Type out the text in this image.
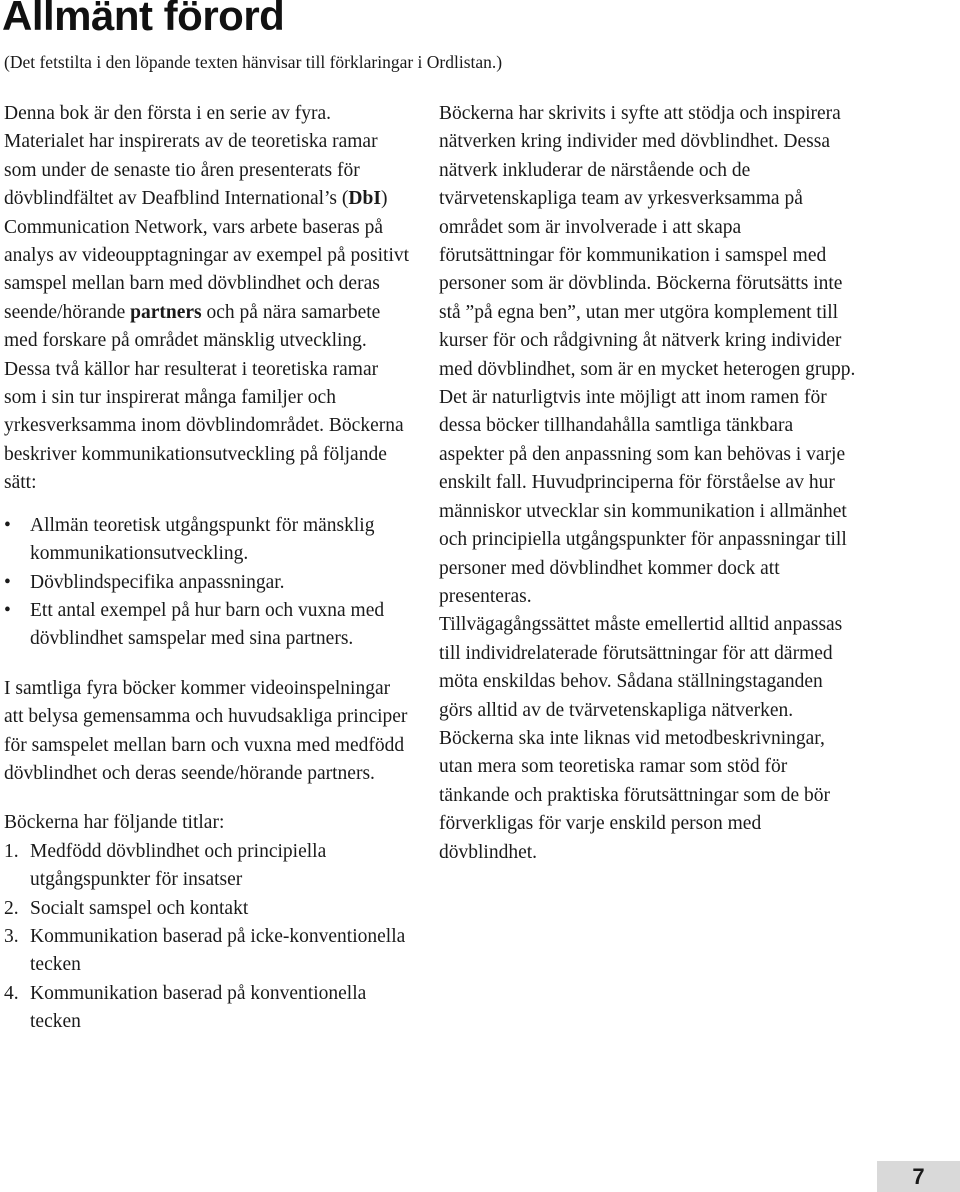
Allmänt förord

(Det fetstilta i den löpande texten hänvisar till förklaringar i Ordlistan.)

Denna bok är den första i en serie av fyra. Materialet har inspirerats av de teoretiska ramar som under de senaste tio åren presenterats för dövblindfältet av Deafblind International’s (DbI) Communication Network, vars arbete baseras på analys av videoupptagningar av exempel på positivt samspel mellan barn med dövblindhet och deras seende/hörande partners och på nära samarbete med forskare på området mänsklig utveckling. Dessa två källor har resulterat i teoretiska ramar som i sin tur inspirerat många familjer och yrkesverksamma inom dövblindområdet. Böckerna beskriver kommunikationsutveckling på följande sätt:

• Allmän teoretisk utgångspunkt för mänsklig kommunikationsutveckling.
• Dövblindspecifika anpassningar.
• Ett antal exempel på hur barn och vuxna med dövblindhet samspelar med sina partners.

I samtliga fyra böcker kommer videoinspelningar att belysa gemensamma och huvudsakliga principer för samspelet mellan barn och vuxna med medfödd dövblindhet och deras seende/hörande partners.

Böckerna har följande titlar:

1. Medfödd dövblindhet och principiella utgångspunkter för insatser
2. Socialt samspel och kontakt
3. Kommunikation baserad på icke-konventionella tecken
4. Kommunikation baserad på konventionella tecken

Böckerna har skrivits i syfte att stödja och inspirera nätverken kring individer med dövblindhet. Dessa nätverk inkluderar de närstående och de tvärvetenskapliga team av yrkesverksamma på området som är involverade i att skapa förutsättningar för kommunikation i samspel med personer som är dövblinda. Böckerna förutsätts inte stå ”på egna ben”, utan mer utgöra komplement till kurser för och rådgivning åt nätverk kring individer med dövblindhet, som är en mycket heterogen grupp. Det är naturligtvis inte möjligt att inom ramen för dessa böcker tillhandahålla samtliga tänkbara aspekter på den anpassning som kan behövas i varje enskilt fall. Huvudprinciperna för förståelse av hur människor utvecklar sin kommunikation i allmänhet och principiella utgångspunkter för anpassningar till personer med dövblindhet kommer dock att presenteras.

Tillvägagångssättet måste emellertid alltid anpassas till individrelaterade förutsättningar för att därmed möta enskildas behov. Sådana ställningstaganden görs alltid av de tvärvetenskapliga nätverken.

Böckerna ska inte liknas vid metodbeskrivningar, utan mera som teoretiska ramar som stöd för tänkande och praktiska förutsättningar som de bör förverkligas för varje enskild person med dövblindhet.

7
